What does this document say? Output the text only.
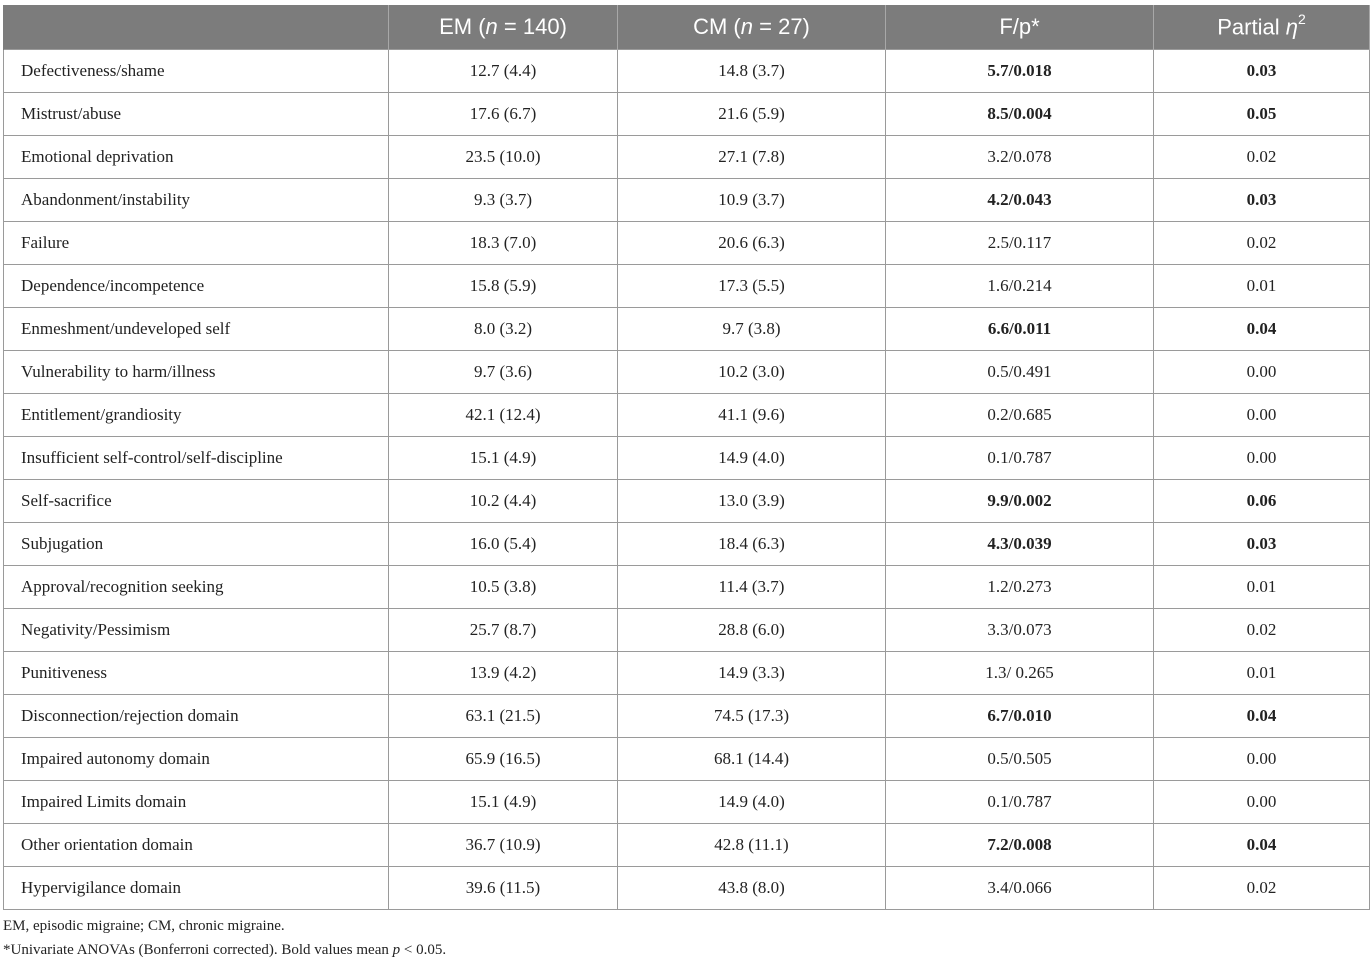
	EM (n = 140)	CM (n = 27)	F/p*	Partial $\eta^2$
Defectiveness/shame	12.7 (4.4)	14.8 (3.7)	5.7/0.018	0.03
Mistrust/abuse	17.6 (6.7)	21.6 (5.9)	8.5/0.004	0.05
Emotional deprivation	23.5 (10.0)	27.1 (7.8)	3.2/0.078	0.02
Abandonment/instability	9.3 (3.7)	10.9 (3.7)	4.2/0.043	0.03
Failure	18.3 (7.0)	20.6 (6.3)	2.5/0.117	0.02
Dependence/incompetence	15.8 (5.9)	17.3 (5.5)	1.6/0.214	0.01
Enmeshment/undeveloped self	8.0 (3.2)	9.7 (3.8)	6.6/0.011	0.04
Vulnerability to harm/illness	9.7 (3.6)	10.2 (3.0)	0.5/0.491	0.00
Entitlement/grandiosity	42.1 (12.4)	41.1 (9.6)	0.2/0.685	0.00
Insufficient self-control/self-discipline	15.1 (4.9)	14.9 (4.0)	0.1/0.787	0.00
Self-sacrifice	10.2 (4.4)	13.0 (3.9)	9.9/0.002	0.06
Subjugation	16.0 (5.4)	18.4 (6.3)	4.3/0.039	0.03
Approval/recognition seeking	10.5 (3.8)	11.4 (3.7)	1.2/0.273	0.01
Negativity/Pessimism	25.7 (8.7)	28.8 (6.0)	3.3/0.073	0.02
Punitiveness	13.9 (4.2)	14.9 (3.3)	1.3/ 0.265	0.01
Disconnection/rejection domain	63.1 (21.5)	74.5 (17.3)	6.7/0.010	0.04
Impaired autonomy domain	65.9 (16.5)	68.1 (14.4)	0.5/0.505	0.00
Impaired Limits domain	15.1 (4.9)	14.9 (4.0)	0.1/0.787	0.00
Other orientation domain	36.7 (10.9)	42.8 (11.1)	7.2/0.008	0.04
Hypervigilance domain	39.6 (11.5)	43.8 (8.0)	3.4/0.066	0.02
EM, episodic migraine; CM, chronic migraine.
*Univariate ANOVAs (Bonferroni corrected). Bold values mean p < 0.05.
